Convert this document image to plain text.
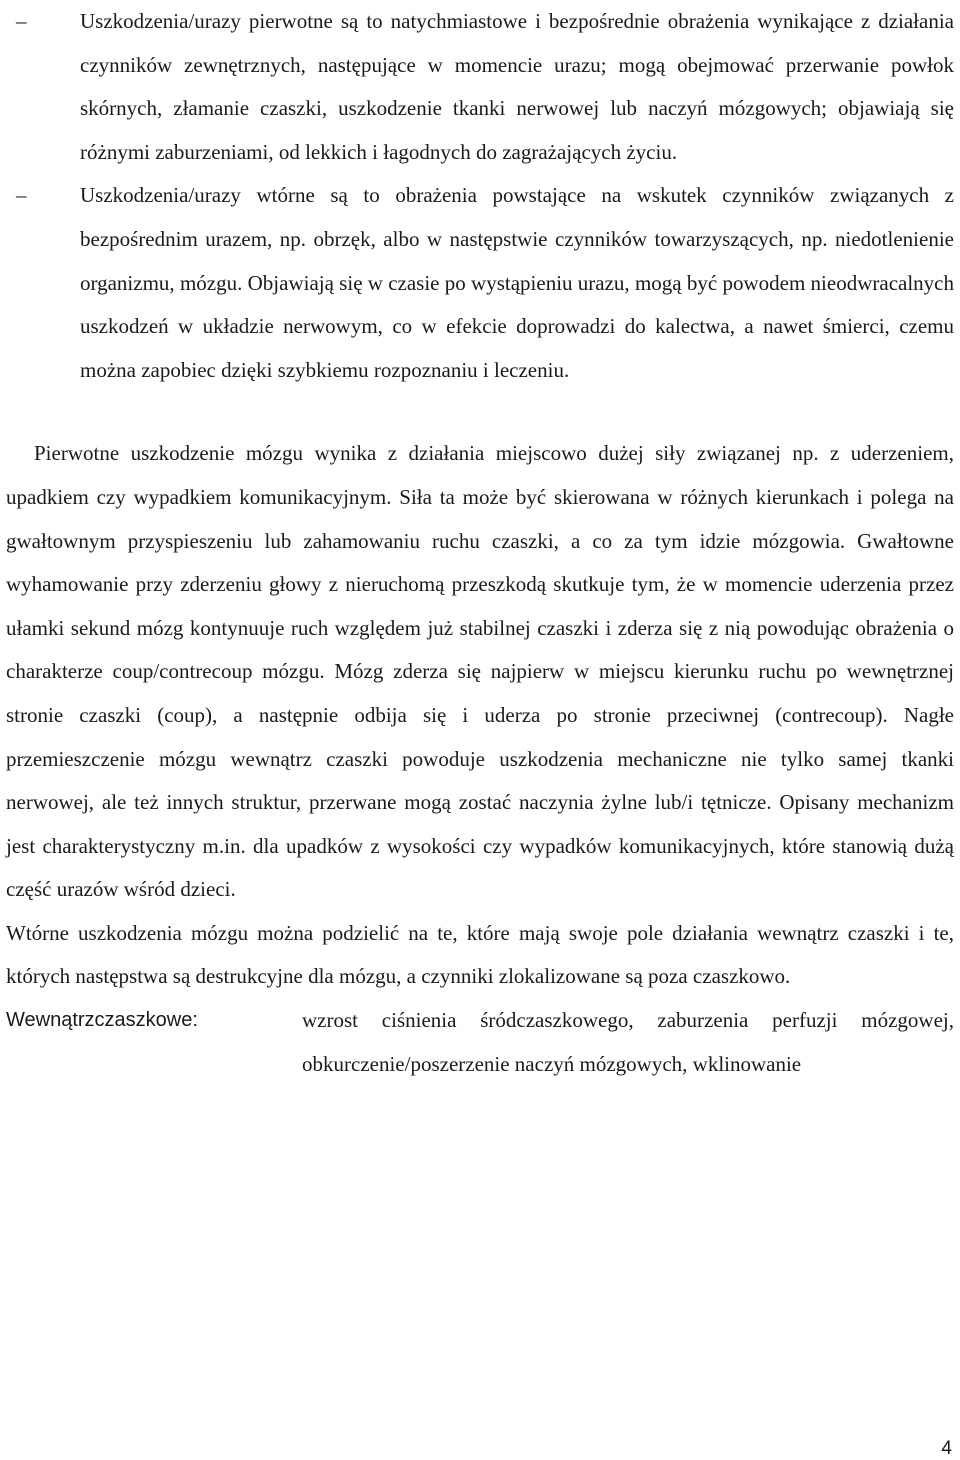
–	Uszkodzenia/urazy pierwotne są to natychmiastowe i bezpośrednie obrażenia wynikające z działania czynników zewnętrznych, następujące w momencie urazu; mogą obejmować przerwanie powłok skórnych, złamanie czaszki, uszkodzenie tkanki nerwowej lub naczyń mózgowych; objawiają się różnymi zaburzeniami, od lekkich i łagodnych do zagrażających życiu.
–	Uszkodzenia/urazy wtórne są to obrażenia powstające na wskutek czynników związanych z bezpośrednim urazem, np. obrzęk, albo w następstwie czynników towarzyszących, np. niedotlenienie organizmu, mózgu. Objawiają się w czasie po wystąpieniu urazu, mogą być powodem nieodwracalnych uszkodzeń w układzie nerwowym, co w efekcie doprowadzi do kalectwa, a nawet śmierci, czemu można zapobiec dzięki szybkiemu rozpoznaniu i leczeniu.

Pierwotne uszkodzenie mózgu wynika z działania miejscowo dużej siły związanej np. z uderzeniem, upadkiem czy wypadkiem komunikacyjnym. Siła ta może być skierowana w różnych kierunkach i polega na gwałtownym przyspieszeniu lub zahamowaniu ruchu czaszki, a co za tym idzie mózgowia. Gwałtowne wyhamowanie przy zderzeniu głowy z nieruchomą przeszkodą skutkuje tym, że w momencie uderzenia przez ułamki sekund mózg kontynuuje ruch względem już stabilnej czaszki i zderza się z nią powodując obrażenia o charakterze coup/contrecoup mózgu. Mózg zderza się najpierw w miejscu kierunku ruchu po wewnętrznej stronie czaszki (coup), a następnie odbija się i uderza po stronie przeciwnej (contrecoup). Nagłe przemieszczenie mózgu wewnątrz czaszki powoduje uszkodzenia mechaniczne nie tylko samej tkanki nerwowej, ale też innych struktur, przerwane mogą zostać naczynia żylne lub/i tętnicze. Opisany mechanizm jest charakterystyczny m.in. dla upadków z wysokości czy wypadków komunikacyjnych, które stanowią dużą część urazów wśród dzieci.

Wtórne uszkodzenia mózgu można podzielić na te, które mają swoje pole działania wewnątrz czaszki i te, których następstwa są destrukcyjne dla mózgu, a czynniki zlokalizowane są poza czaszkowo.

Wewnątrzczaszkowe:	wzrost ciśnienia śródczaszkowego, zaburzenia perfuzji mózgowej, obkurczenie/poszerzenie naczyń mózgowych, wklinowanie
4
